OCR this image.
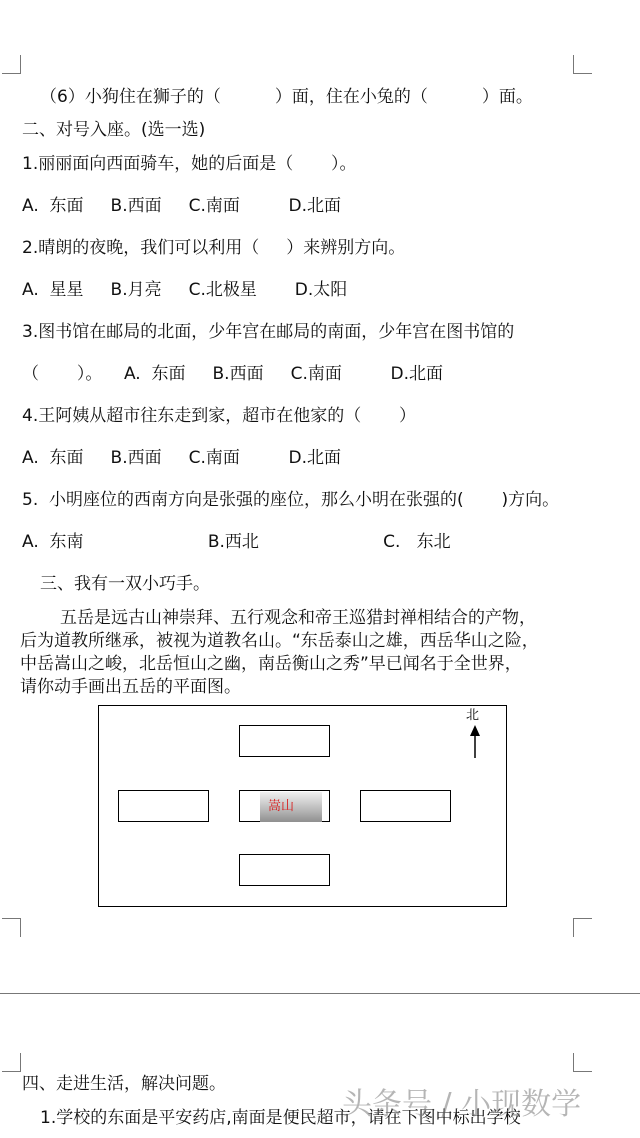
（6）小狗住在狮子的（          ）面，住在小兔的（          ）面。
二、对号入座。(选一选)
1.丽丽面向西面骑车，她的后面是（       ）。
A.  东面     B.西面     C.南面         D.北面
2.晴朗的夜晚，我们可以利用（     ）来辨别方向。
A.  星星     B.月亮     C.北极星       D.太阳
3.图书馆在邮局的北面，少年宫在邮局的南面，少年宫在图书馆的
（       ）。    A.  东面     B.西面     C.南面         D.北面
4.王阿姨从超市往东走到家，超市在他家的（       ）
A.  东面     B.西面     C.南面         D.北面
5.  小明座位的西南方向是张强的座位，那么小明在张强的(       )方向。
A.  东南                       B.西北                       C.   东北
三、我有一双小巧手。
五岳是远古山神崇拜、五行观念和帝王巡猎封禅相结合的产物，
后为道教所继承，被视为道教名山。“东岳泰山之雄，西岳华山之险，
中岳嵩山之峻，北岳恒山之幽，南岳衡山之秀”早已闻名于全世界，
请你动手画出五岳的平面图。
嵩山
北
四、走进生活，解决问题。
1.学校的东面是平安药店,南面是便民超市，请在下图中标出学校
头条号 / 小现数学
